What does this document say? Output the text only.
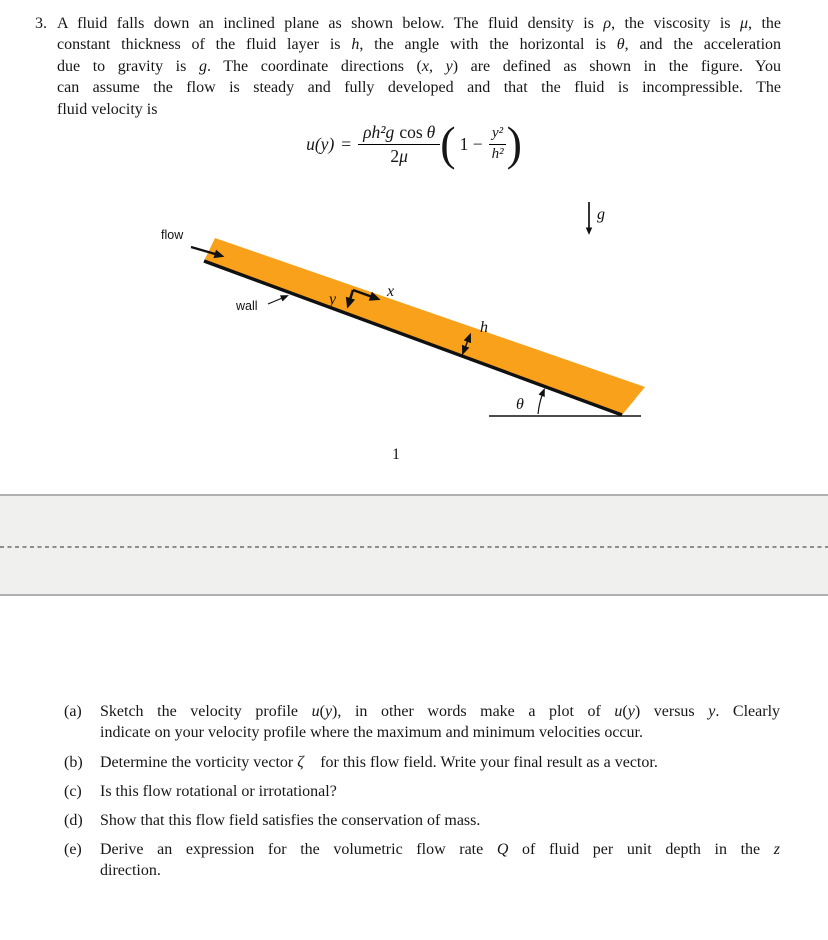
3. A fluid falls down an inclined plane as shown below. The fluid density is ρ, the viscosity is μ, the
constant thickness of the fluid layer is h, the angle with the horizontal is θ, and the acceleration
due to gravity is g. The coordinate directions (x, y) are defined as shown in the figure. You
can assume the flow is steady and fully developed and that the fluid is incompressible. The
fluid velocity is
$u(y) = \frac{\text{ρh²g cos θ}}{2\mu}$ ( $1 - \frac{\text{y²}}{\text{h²}}$ )
flow
wall
x
y
h
θ
g
1
(a) Sketch the velocity profile u(y), in other words make a plot of u(y) versus y. Clearly
indicate on your velocity profile where the maximum and minimum velocities occur.
(b) Determine the vorticity vector ζ⃗ for this flow field. Write your final result as a vector.
(c) Is this flow rotational or irrotational?
(d) Show that this flow field satisfies the conservation of mass.
(e) Derive an expression for the volumetric flow rate Q of fluid per unit depth in the z
direction.
